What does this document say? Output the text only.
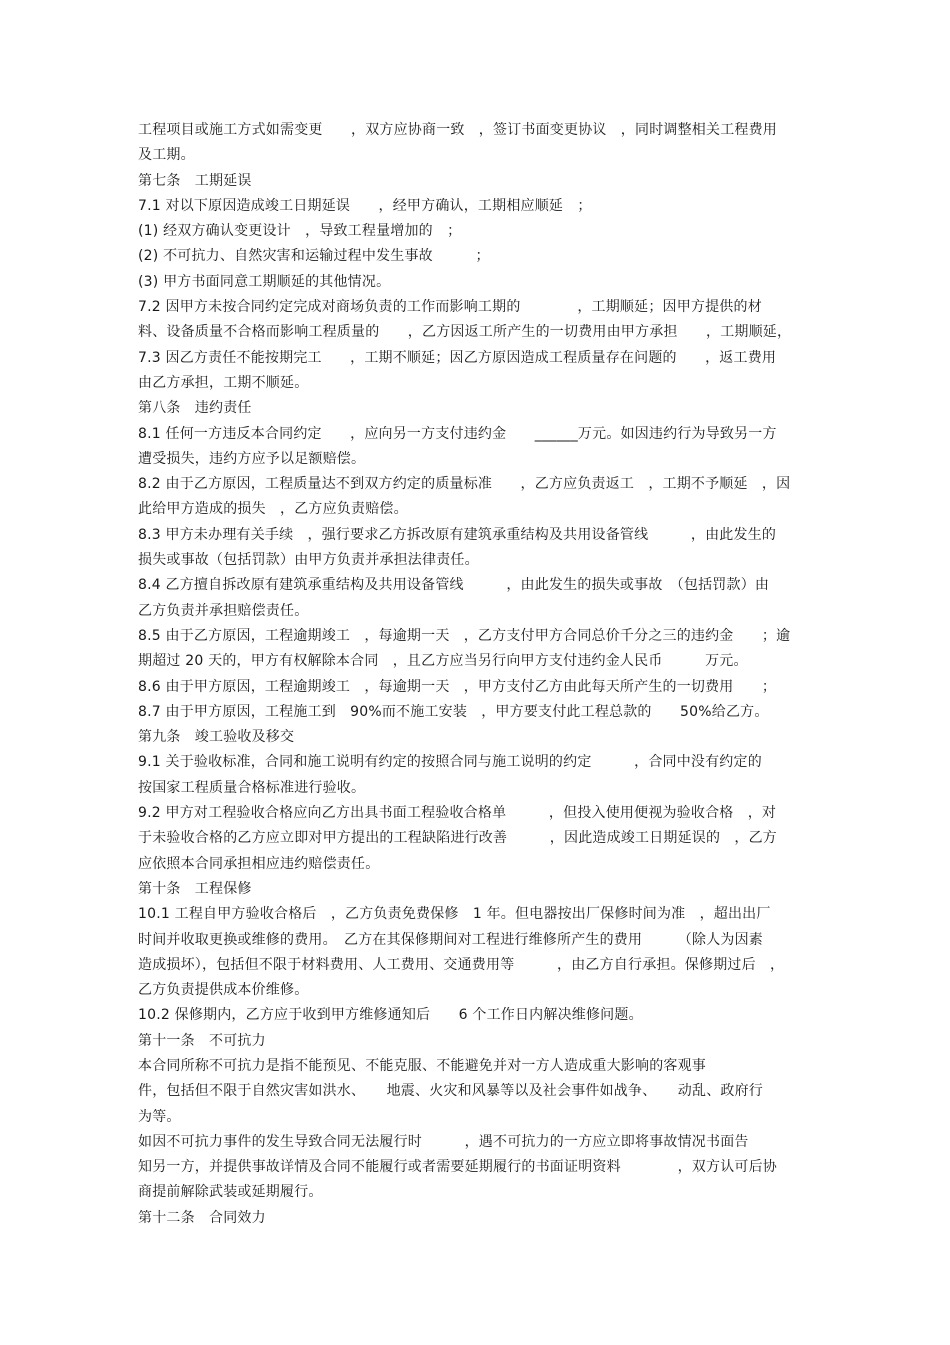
工程项目或施工方式如需变更　　，双方应协商一致　，签订书面变更协议　，同时调整相关工程费用
及工期。
第七条　工期延误
7.1 对以下原因造成竣工日期延误　　，经甲方确认，工期相应顺延　；
(1) 经双方确认变更设计　，导致工程量增加的　；
(2) 不可抗力、自然灾害和运输过程中发生事故　　　；
(3) 甲方书面同意工期顺延的其他情况。
7.2 因甲方未按合同约定完成对商场负责的工作而影响工期的　　　　，工期顺延；因甲方提供的材
料、设备质量不合格而影响工程质量的　　，乙方因返工所产生的一切费用由甲方承担　　，工期顺延，
7.3 因乙方责任不能按期完工　　，工期不顺延；因乙方原因造成工程质量存在问题的　　，返工费用
由乙方承担，工期不顺延。
第八条　违约责任
8.1 任何一方违反本合同约定　　，应向另一方支付违约金　　______万元。如因违约行为导致另一方
遭受损失，违约方应予以足额赔偿。
8.2 由于乙方原因，工程质量达不到双方约定的质量标准　　，乙方应负责返工　，工期不予顺延　，因
此给甲方造成的损失　，乙方应负责赔偿。
8.3 甲方未办理有关手续　，强行要求乙方拆改原有建筑承重结构及共用设备管线　　　，由此发生的
损失或事故（包括罚款）由甲方负责并承担法律责任。
8.4 乙方擅自拆改原有建筑承重结构及共用设备管线　　　，由此发生的损失或事故　（包括罚款）由
乙方负责并承担赔偿责任。
8.5 由于乙方原因，工程逾期竣工　，每逾期一天　，乙方支付甲方合同总价千分之三的违约金　　；逾
期超过 20 天的，甲方有权解除本合同　，且乙方应当另行向甲方支付违约金人民币　　　万元。
8.6 由于甲方原因，工程逾期竣工　，每逾期一天　，甲方支付乙方由此每天所产生的一切费用　　；
8.7 由于甲方原因，工程施工到　90%而不施工安装　，甲方要支付此工程总款的　　50%给乙方。
第九条　竣工验收及移交
9.1 关于验收标准，合同和施工说明有约定的按照合同与施工说明的约定　　　，合同中没有约定的
按国家工程质量合格标准进行验收。
9.2 甲方对工程验收合格应向乙方出具书面工程验收合格单　　　，但投入使用便视为验收合格　，对
于未验收合格的乙方应立即对甲方提出的工程缺陷进行改善　　　，因此造成竣工日期延误的　，乙方
应依照本合同承担相应违约赔偿责任。
第十条　工程保修
10.1 工程自甲方验收合格后　，乙方负责免费保修　1 年。但电器按出厂保修时间为准　，超出出厂
时间并收取更换或维修的费用。　乙方在其保修期间对工程进行维修所产生的费用　　　（除人为因素
造成损坏），包括但不限于材料费用、人工费用、交通费用等　　　，由乙方自行承担。保修期过后　，
乙方负责提供成本价维修。
10.2 保修期内，乙方应于收到甲方维修通知后　　6 个工作日内解决维修问题。
第十一条　不可抗力
本合同所称不可抗力是指不能预见、不能克服、不能避免并对一方人造成重大影响的客观事
件，包括但不限于自然灾害如洪水、　　地震、火灾和风暴等以及社会事件如战争、　　动乱、政府行
为等。
如因不可抗力事件的发生导致合同无法履行时　　　，遇不可抗力的一方应立即将事故情况书面告
知另一方，并提供事故详情及合同不能履行或者需要延期履行的书面证明资料　　　　，双方认可后协
商提前解除武装或延期履行。
第十二条　合同效力
